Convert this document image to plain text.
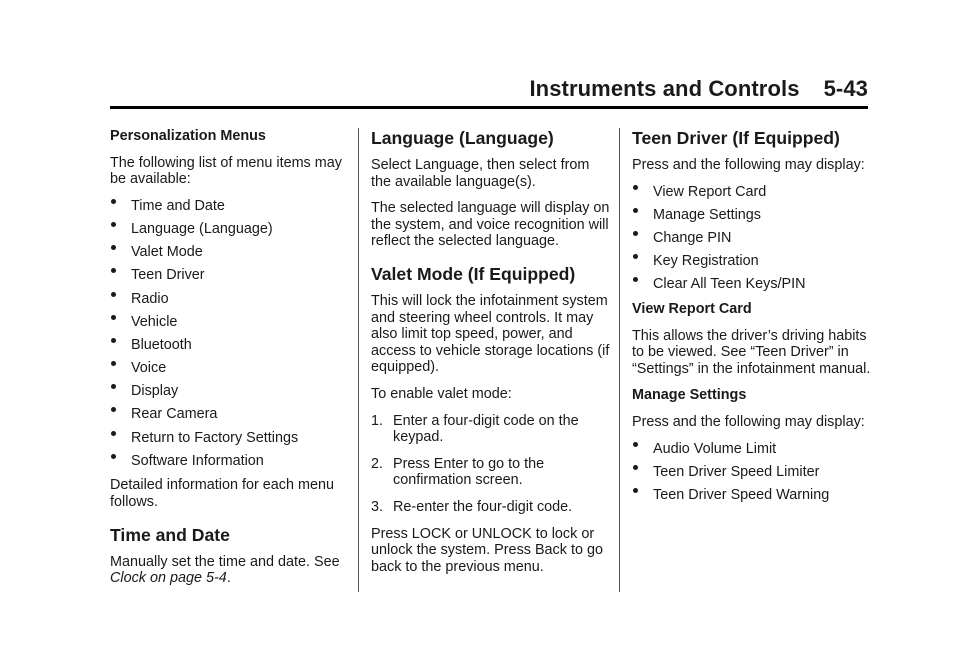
Instruments and Controls 5-43

Personalization Menus

The following list of menu items may be available:

Time and Date
Language (Language)
Valet Mode
Teen Driver
Radio
Vehicle
Bluetooth
Voice
Display
Rear Camera
Return to Factory Settings
Software Information

Detailed information for each menu follows.

Time and Date

Manually set the time and date. See
Clock on page 5-4.

Language (Language)

Select Language, then select from the available language(s).

The selected language will display on the system, and voice recognition will reflect the selected language.

Valet Mode (If Equipped)

This will lock the infotainment system and steering wheel controls. It may also limit top speed, power, and access to vehicle storage locations (if equipped).

To enable valet mode:

1. Enter a four-digit code on the keypad.
2. Press Enter to go to the confirmation screen.
3. Re-enter the four-digit code.

Press LOCK or UNLOCK to lock or unlock the system. Press Back to go back to the previous menu.

Teen Driver (If Equipped)

Press and the following may display:

View Report Card
Manage Settings
Change PIN
Key Registration
Clear All Teen Keys/PIN

View Report Card

This allows the driver’s driving habits to be viewed. See “Teen Driver” in “Settings” in the infotainment manual.

Manage Settings

Press and the following may display:

Audio Volume Limit
Teen Driver Speed Limiter
Teen Driver Speed Warning
